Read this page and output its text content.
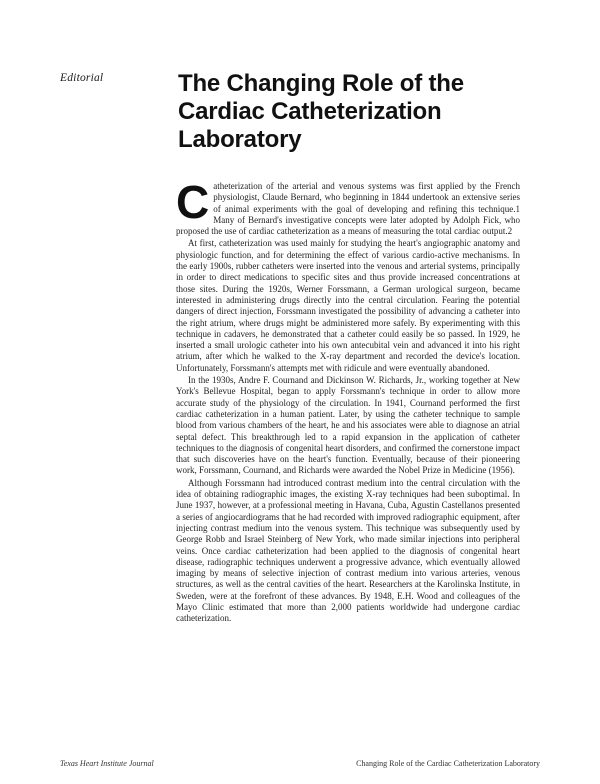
Editorial	The Changing Role of the Cardiac Catheterization Laboratory

Catheterization of the arterial and venous systems was first applied by the French physiologist, Claude Bernard, who beginning in 1844 undertook an extensive series of animal experiments with the goal of developing and refining this technique.1 Many of Bernard's investigative concepts were later adopted by Adolph Fick, who proposed the use of cardiac catheterization as a means of measuring the total cardiac output.2

At first, catheterization was used mainly for studying the heart's angiographic anatomy and physiologic function, and for determining the effect of various cardio-active mechanisms. In the early 1900s, rubber catheters were inserted into the venous and arterial systems, principally in order to direct medications to specific sites and thus provide increased concentrations at those sites. During the 1920s, Werner Forssmann, a German urological surgeon, became interested in administering drugs directly into the central circulation. Fearing the potential dangers of direct injection, Forssmann investigated the possibility of advancing a catheter into the right atrium, where drugs might be administered more safely. By experimenting with this technique in cadavers, he demonstrated that a catheter could easily be so passed. In 1929, he inserted a small urologic catheter into his own antecubital vein and advanced it into his right atrium, after which he walked to the X-ray department and recorded the device's location. Unfortunately, Forssmann's attempts met with ridicule and were eventually abandoned.

In the 1930s, Andre F. Cournand and Dickinson W. Richards, Jr., working together at New York's Bellevue Hospital, began to apply Forssmann's technique in order to allow more accurate study of the physiology of the circulation. In 1941, Cournand performed the first cardiac catheterization in a human patient. Later, by using the catheter technique to sample blood from various chambers of the heart, he and his associates were able to diagnose an atrial septal defect. This breakthrough led to a rapid expansion in the application of catheter techniques to the diagnosis of congenital heart disorders, and confirmed the cornerstone impact that such discoveries have on the heart's function. Eventually, because of their pioneering work, Forssmann, Cournand, and Richards were awarded the Nobel Prize in Medicine (1956).

Although Forssmann had introduced contrast medium into the central circulation with the idea of obtaining radiographic images, the existing X-ray techniques had been suboptimal. In June 1937, however, at a professional meeting in Havana, Cuba, Agustin Castellanos presented a series of angiocardiograms that he had recorded with improved radiographic equipment, after injecting contrast medium into the venous system. This technique was subsequently used by George Robb and Israel Steinberg of New York, who made similar injections into peripheral veins. Once cardiac catheterization had been applied to the diagnosis of congenital heart disease, radiographic techniques underwent a progressive advance, which eventually allowed imaging by means of selective injection of contrast medium into various arteries, venous structures, as well as the central cavities of the heart. Researchers at the Karolinska Institute, in Sweden, were at the forefront of these advances. By 1948, E.H. Wood and colleagues of the Mayo Clinic estimated that more than 2,000 patients worldwide had undergone cardiac catheterization.

Texas Heart Institute Journal	Changing Role of the Cardiac Catheterization Laboratory
